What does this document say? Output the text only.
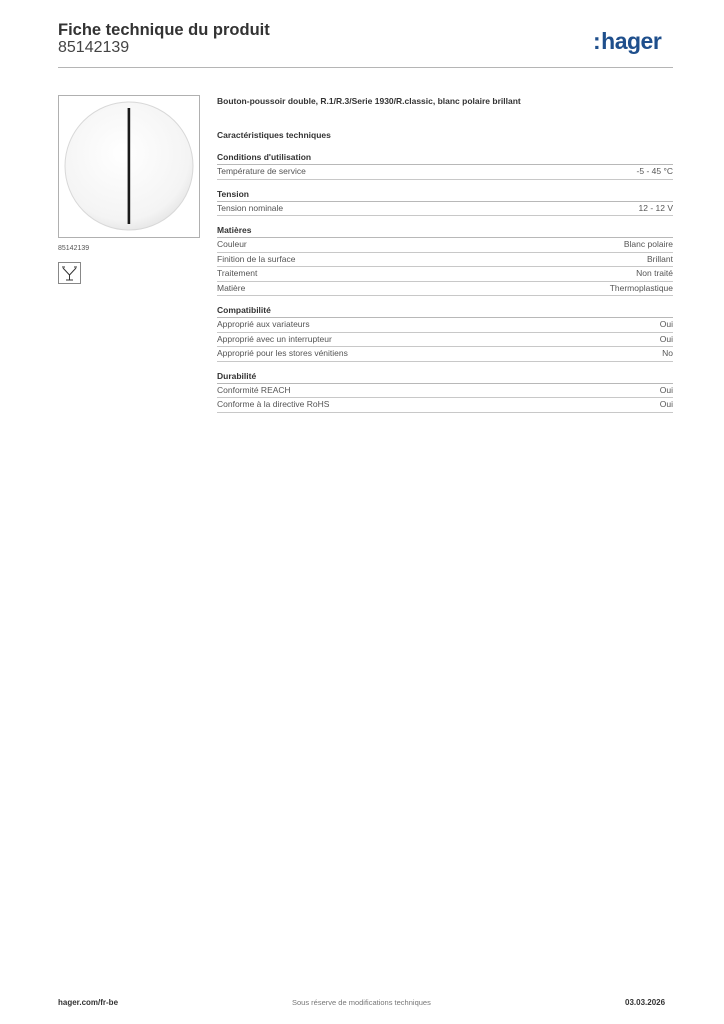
Fiche technique du produit
85142139	:hager
85142139
Bouton-poussoir double, R.1/R.3/Serie 1930/R.classic, blanc polaire brillant
Caractéristiques techniques
Conditions d'utilisation
Température de service	-5 - 45 °C
Tension
Tension nominale	12 - 12 V
Matières
Couleur	Blanc polaire
Finition de la surface	Brillant
Traitement	Non traité
Matière	Thermoplastique
Compatibilité
Approprié aux variateurs	Oui
Approprié avec un interrupteur	Oui
Approprié pour les stores vénitiens	No
Durabilité
Conformité REACH	Oui
Conforme à la directive RoHS	Oui
hager.com/fr-be	Sous réserve de modifications techniques	03.03.2026
